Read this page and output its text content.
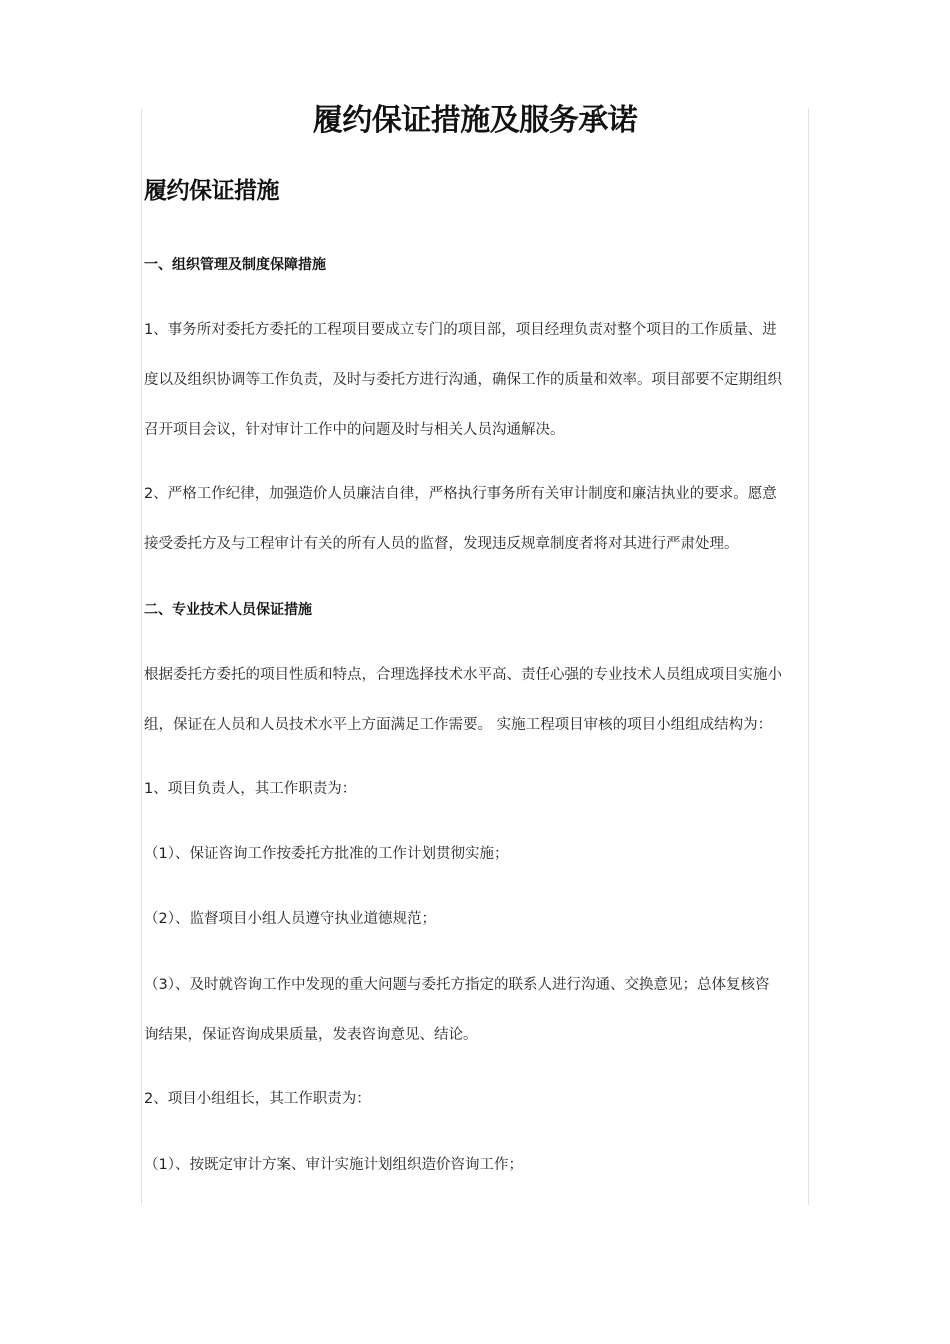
履约保证措施及服务承诺
履约保证措施
一、组织管理及制度保障措施
1、事务所对委托方委托的工程项目要成立专门的项目部，项目经理负责对整个项目的工作质量、进
度以及组织协调等工作负责，及时与委托方进行沟通，确保工作的质量和效率。项目部要不定期组织
召开项目会议，针对审计工作中的问题及时与相关人员沟通解决。
2、严格工作纪律，加强造价人员廉洁自律，严格执行事务所有关审计制度和廉洁执业的要求。愿意
接受委托方及与工程审计有关的所有人员的监督，发现违反规章制度者将对其进行严肃处理。
二、专业技术人员保证措施
根据委托方委托的项目性质和特点，合理选择技术水平高、责任心强的专业技术人员组成项目实施小
组，保证在人员和人员技术水平上方面满足工作需要。 实施工程项目审核的项目小组组成结构为：
1、项目负责人，其工作职责为：
（1）、保证咨询工作按委托方批准的工作计划贯彻实施；
（2）、监督项目小组人员遵守执业道德规范；
（3）、及时就咨询工作中发现的重大问题与委托方指定的联系人进行沟通、交换意见；总体复核咨
询结果，保证咨询成果质量，发表咨询意见、结论。
2、项目小组组长，其工作职责为：
（1）、按既定审计方案、审计实施计划组织造价咨询工作；
